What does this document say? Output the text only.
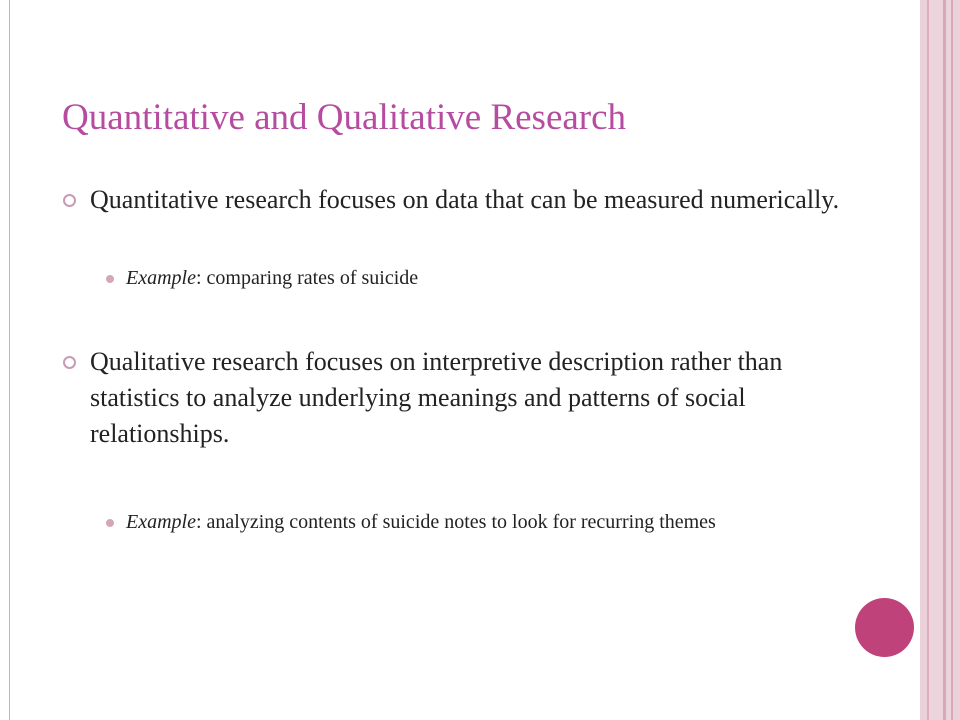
Quantitative and Qualitative Research

Quantitative research focuses on data that can be measured numerically.

Example: comparing rates of suicide

Qualitative research focuses on interpretive description rather than statistics to analyze underlying meanings and patterns of social relationships.

Example: analyzing contents of suicide notes to look for recurring themes
